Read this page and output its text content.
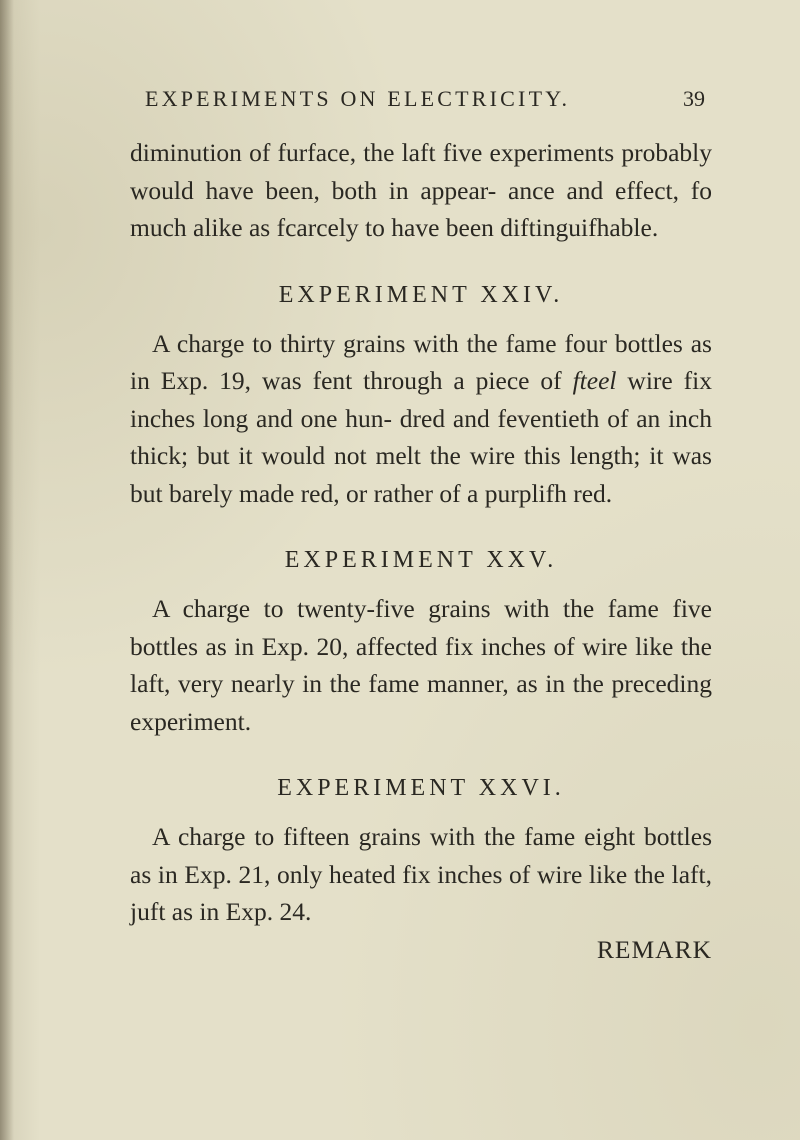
EXPERIMENTS ON ELECTRICITY.	39

diminution of furface, the laft five experiments probably would have been, both in appear- ance and effect, fo much alike as fcarcely to have been diftinguifhable.

EXPERIMENT XXIV.

A charge to thirty grains with the fame four bottles as in Exp. 19, was fent through a piece of fteel wire fix inches long and one hun- dred and feventieth of an inch thick; but it would not melt the wire this length; it was but barely made red, or rather of a purplifh red.

EXPERIMENT XXV.

A charge to twenty-five grains with the fame five bottles as in Exp. 20, affected fix inches of wire like the laft, very nearly in the fame manner, as in the preceding experiment.

EXPERIMENT XXVI.

A charge to fifteen grains with the fame eight bottles as in Exp. 21, only heated fix inches of wire like the laft, juft as in Exp. 24.

REMARK
